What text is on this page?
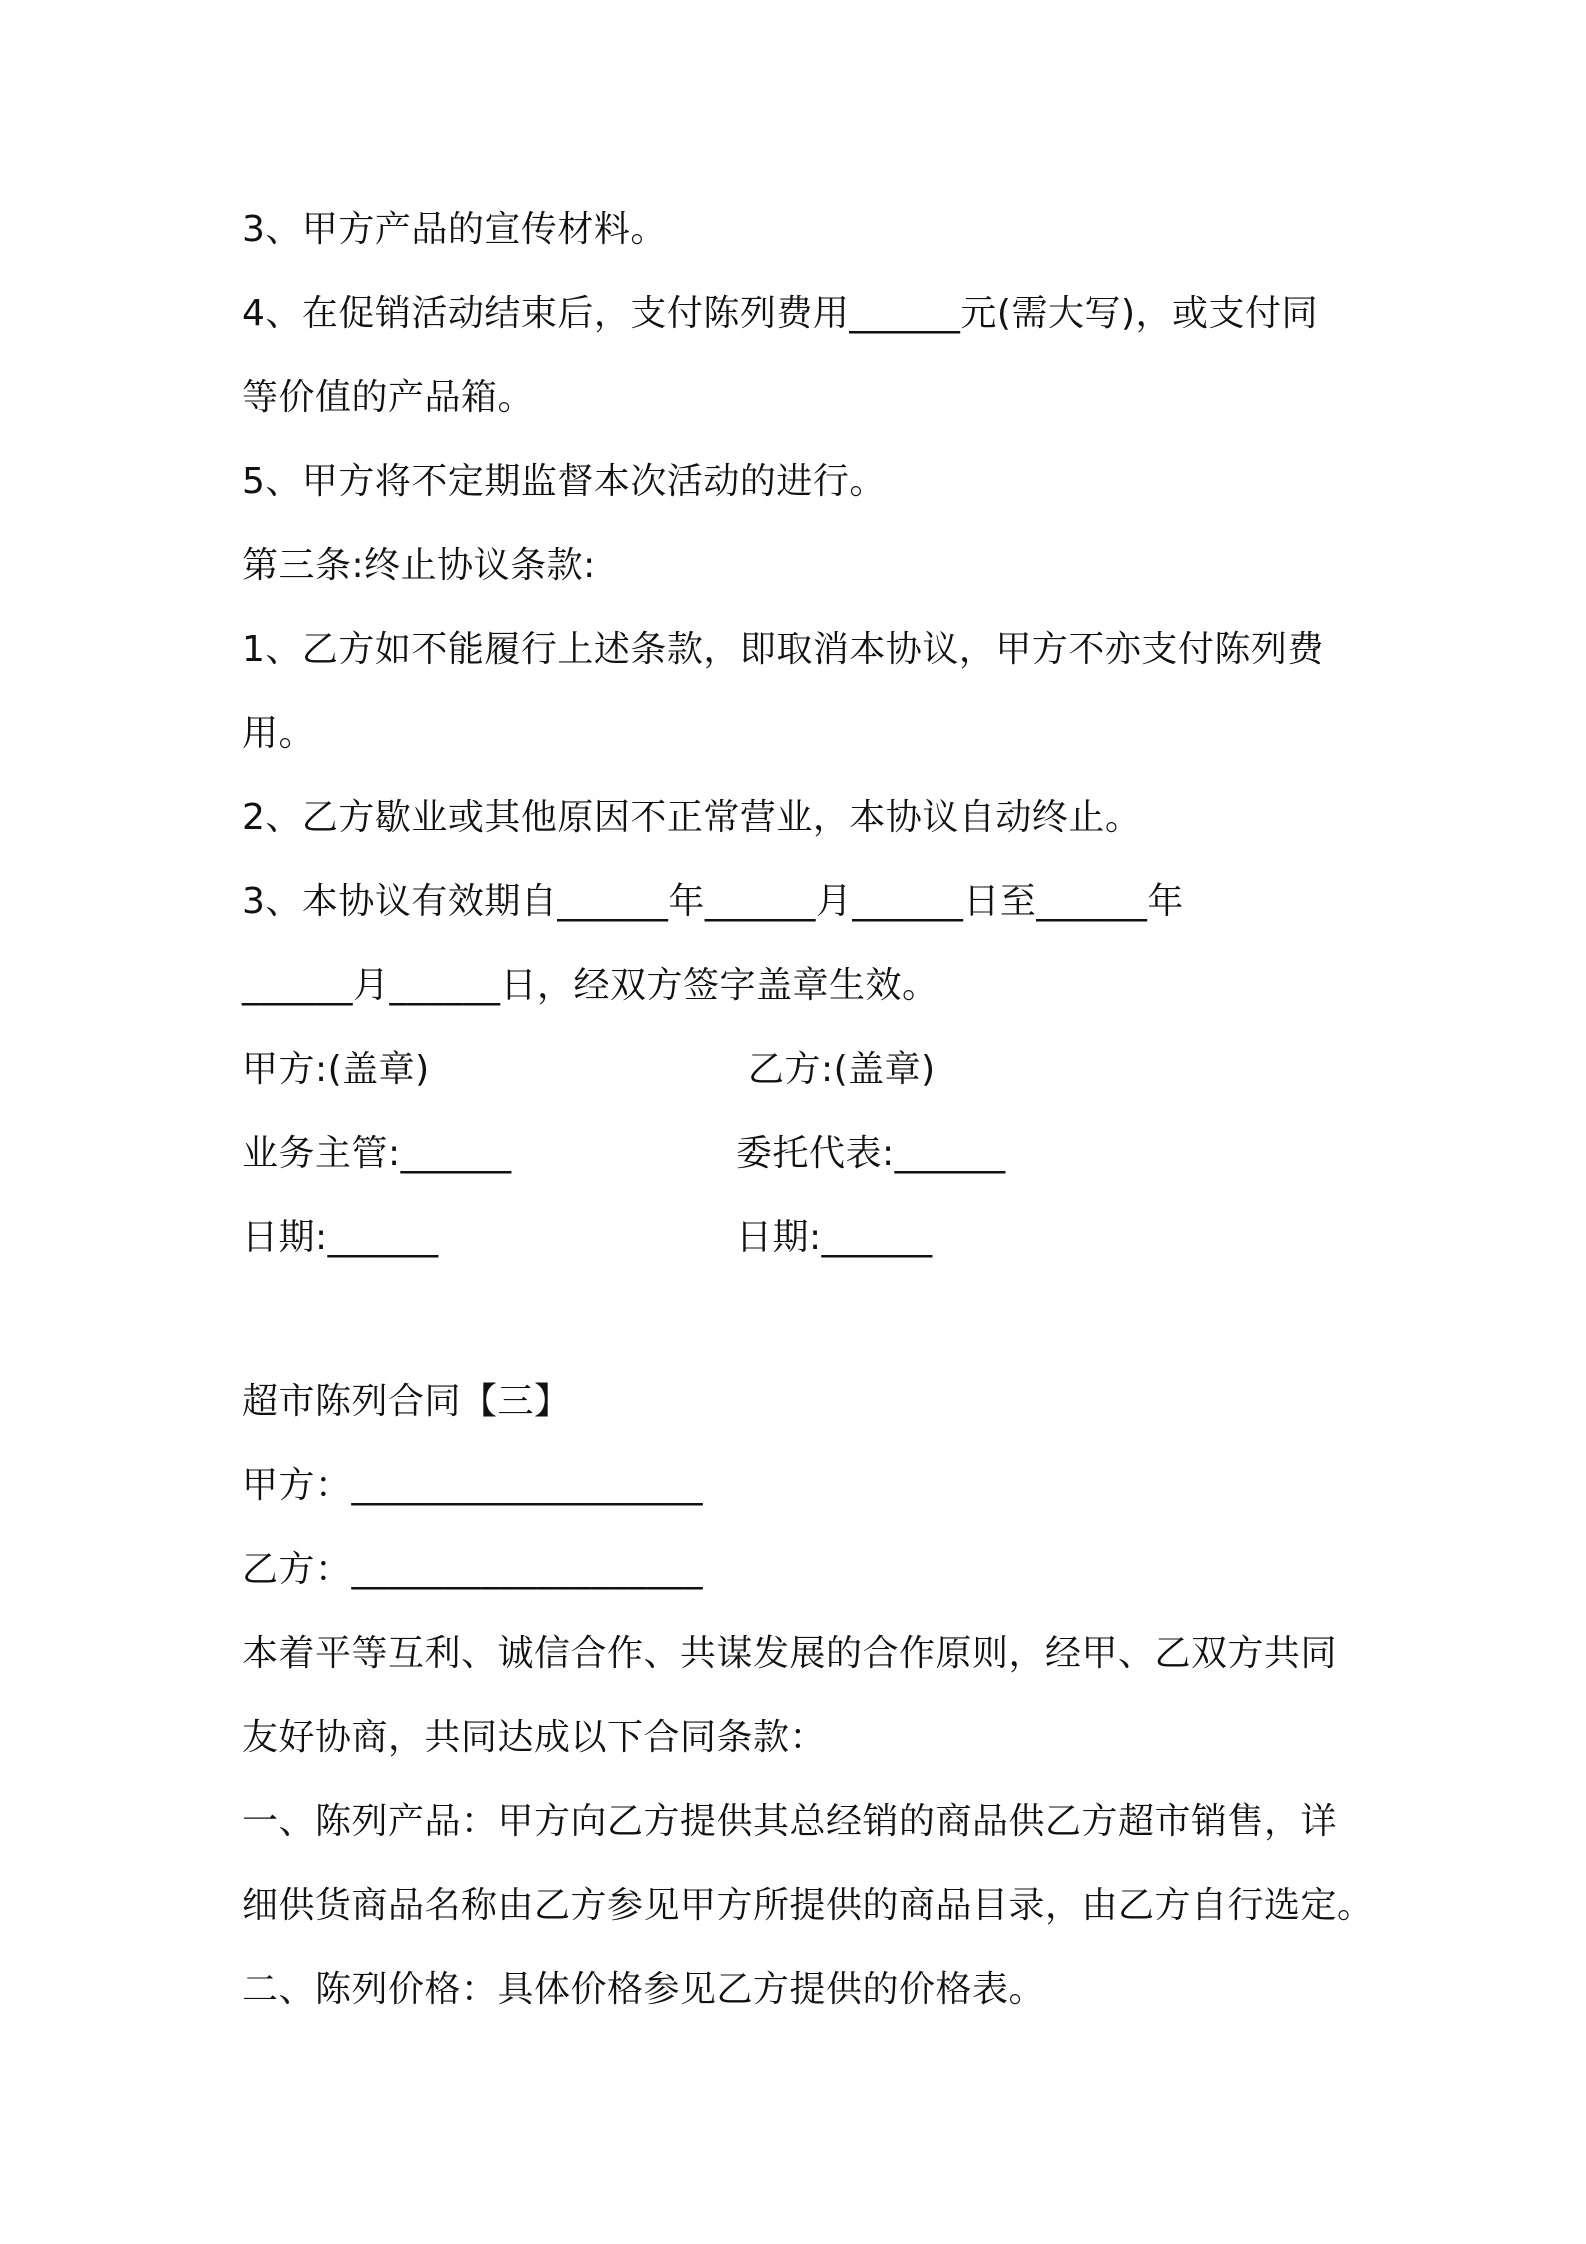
3、甲方产品的宣传材料。
4、在促销活动结束后，支付陈列费用______元(需大写)，或支付同
等价值的产品箱。
5、甲方将不定期监督本次活动的进行。
第三条:终止协议条款:
1、乙方如不能履行上述条款，即取消本协议，甲方不亦支付陈列费
用。
2、乙方歇业或其他原因不正常营业，本协议自动终止。
3、本协议有效期自______年______月______日至______年
______月______日，经双方签字盖章生效。
甲方:(盖章)	乙方:(盖章)
业务主管:______	委托代表:______
日期:______	日期:______
超市陈列合同【三】
甲方：___________________
乙方：___________________
本着平等互利、诚信合作、共谋发展的合作原则，经甲、乙双方共同
友好协商，共同达成以下合同条款：
一、陈列产品：甲方向乙方提供其总经销的商品供乙方超市销售，详
细供货商品名称由乙方参见甲方所提供的商品目录，由乙方自行选定。
二、陈列价格：具体价格参见乙方提供的价格表。
